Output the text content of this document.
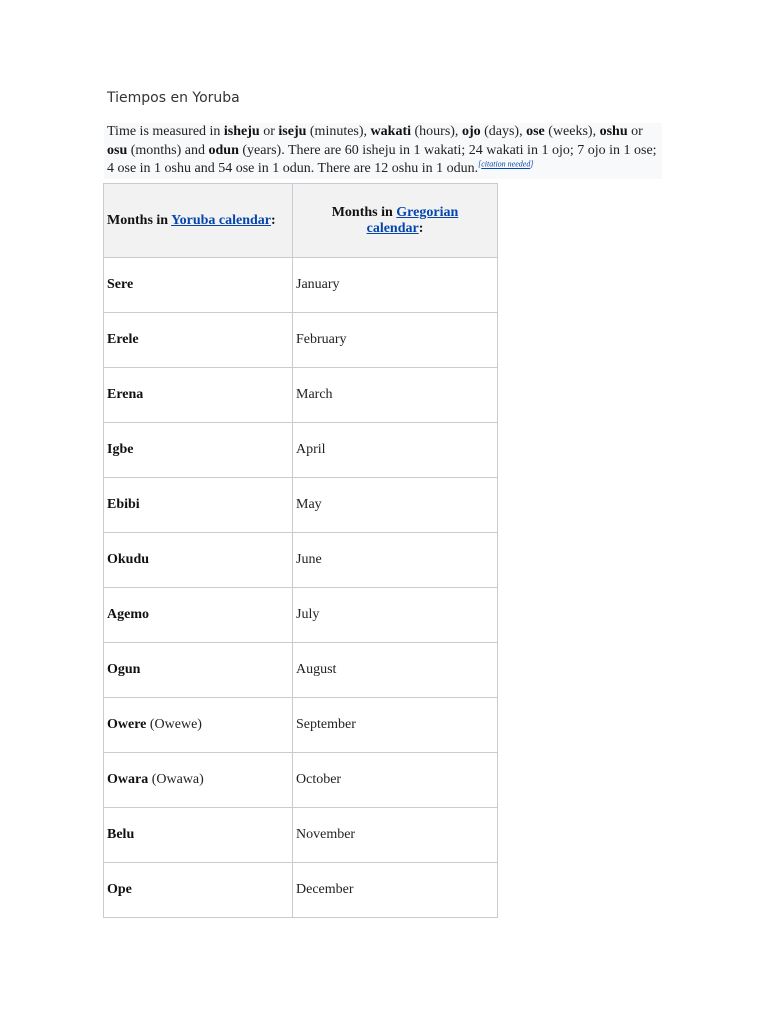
Tiempos en Yoruba
Time is measured in isheju or iseju (minutes), wakati (hours), ojo (days), ose (weeks), oshu or osu (months) and odun (years). There are 60 isheju in 1 wakati; 24 wakati in 1 ojo; 7 ojo in 1 ose; 4 ose in 1 oshu and 54 ose in 1 odun. There are 12 oshu in 1 odun.[citation needed]
Months in Yoruba calendar:	Months in Gregorian calendar:
Sere	January
Erele	February
Erena	March
Igbe	April
Ebibi	May
Okudu	June
Agemo	July
Ogun	August
Owere (Owewe)	September
Owara (Owawa)	October
Belu	November
Ope	December
